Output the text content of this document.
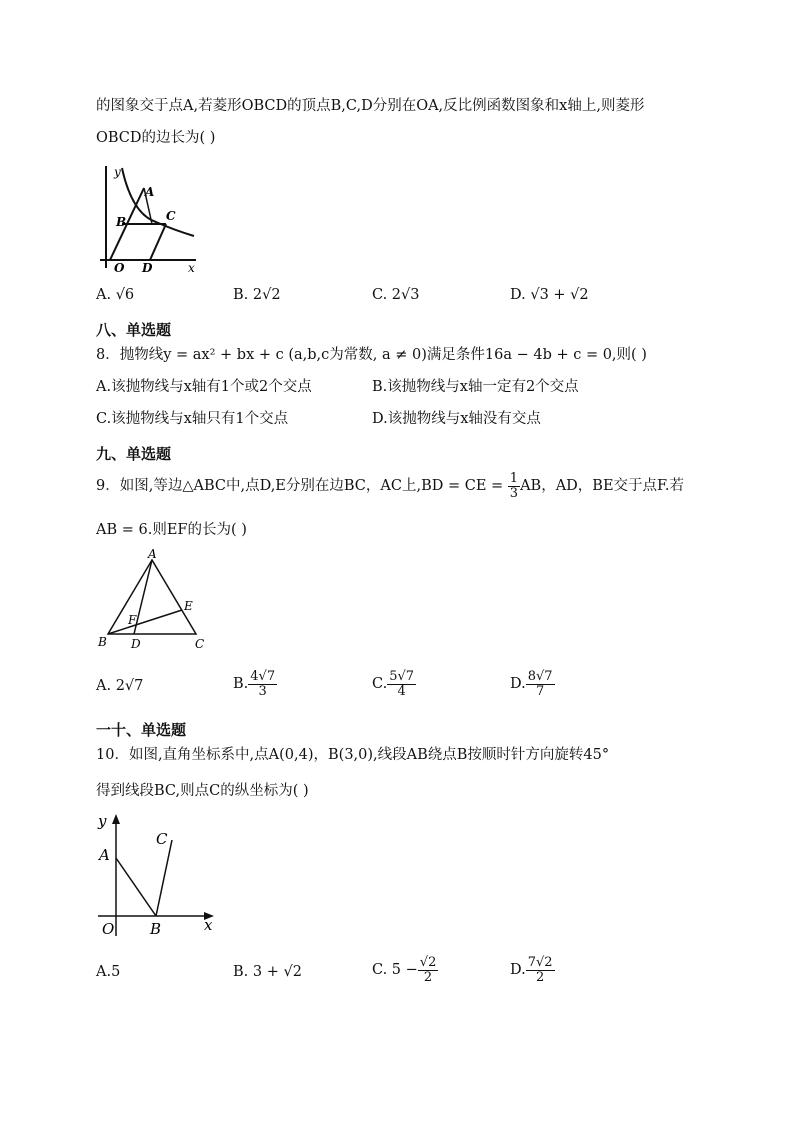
的图象交于点A,若菱形OBCD的顶点B,C,D分别在OA,反比例函数图象和x轴上,则菱形
OBCD的边长为( )
y
A
B	C
O D	x
A. √6	B. 2√2	C. 2√3	D. √3 + √2
八、单选题
8．抛物线y = ax² + bx + c (a,b,c为常数, a ≠ 0)满足条件16a − 4b + c = 0,则( )
A.该抛物线与x轴有1个或2个交点	B.该抛物线与x轴一定有2个交点
C.该抛物线与x轴只有1个交点	D.该抛物线与x轴没有交点
九、单选题
9．如图,等边△ABC中,点D,E分别在边BC，AC上,BD = CE = $\frac{1}{3}$ AB，AD，BE交于点F.若
AB = 6.则EF的长为( )
A
E
F
B D	C
A. 2√7	B. $\frac{4√7}{3}$	C. $\frac{5√7}{4}$	D. $\frac{8√7}{7}$
一十、单选题
10．如图,直角坐标系中,点A(0,4)，B(3,0),线段AB绕点B按顺时针方向旋转45°
得到线段BC,则点C的纵坐标为( )
y
C
A
O B	x
A.5	B. 3 + √2	C. $5 - \frac{√2}{2}$	D. $\frac{7√2}{2}$
